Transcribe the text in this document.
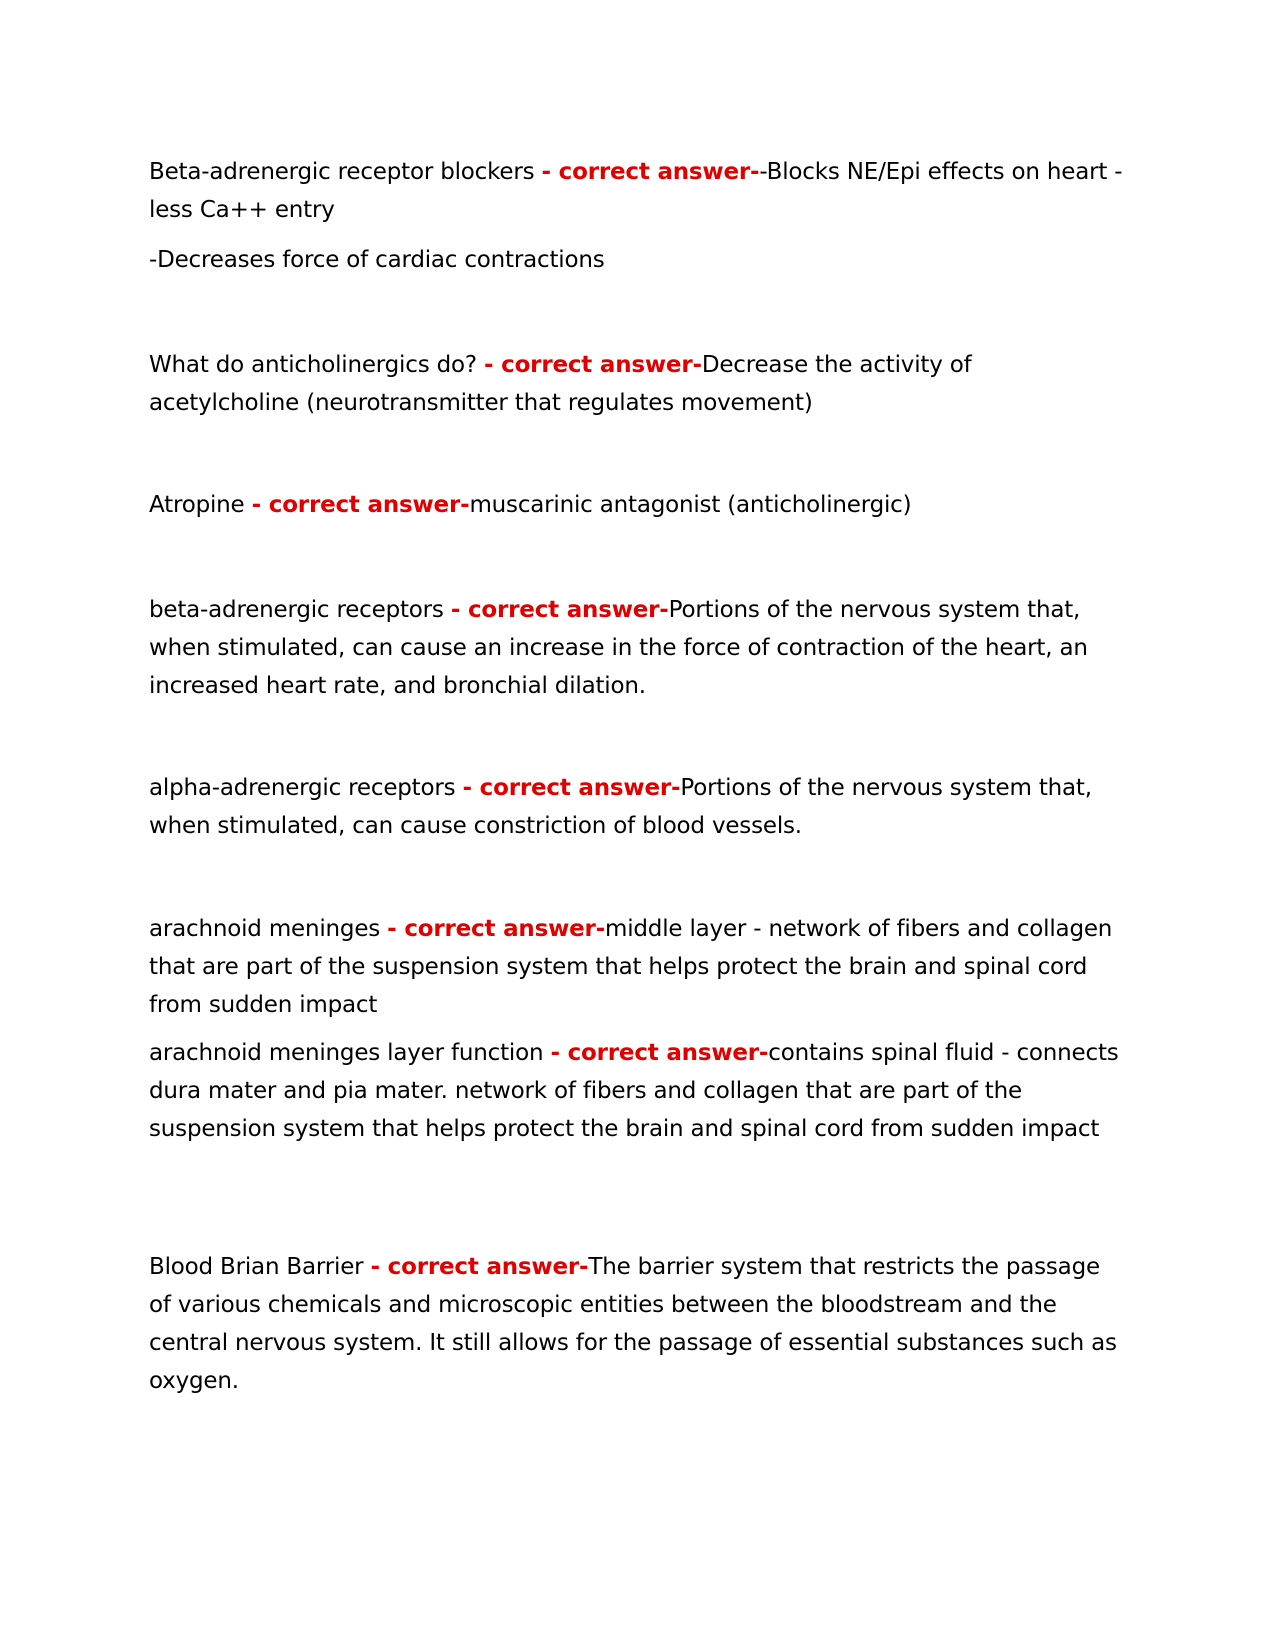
Beta-adrenergic receptor blockers - correct answer--Blocks NE/Epi effects on heart - less Ca++ entry

-Decreases force of cardiac contractions

What do anticholinergics do? - correct answer-Decrease the activity of acetylcholine (neurotransmitter that regulates movement)

Atropine - correct answer-muscarinic antagonist (anticholinergic)

beta-adrenergic receptors - correct answer-Portions of the nervous system that, when stimulated, can cause an increase in the force of contraction of the heart, an increased heart rate, and bronchial dilation.

alpha-adrenergic receptors - correct answer-Portions of the nervous system that, when stimulated, can cause constriction of blood vessels.

arachnoid meninges - correct answer-middle layer - network of fibers and collagen that are part of the suspension system that helps protect the brain and spinal cord from sudden impact

arachnoid meninges layer function - correct answer-contains spinal fluid - connects dura mater and pia mater. network of fibers and collagen that are part of the suspension system that helps protect the brain and spinal cord from sudden impact

Blood Brian Barrier - correct answer-The barrier system that restricts the passage of various chemicals and microscopic entities between the bloodstream and the central nervous system. It still allows for the passage of essential substances such as oxygen.
